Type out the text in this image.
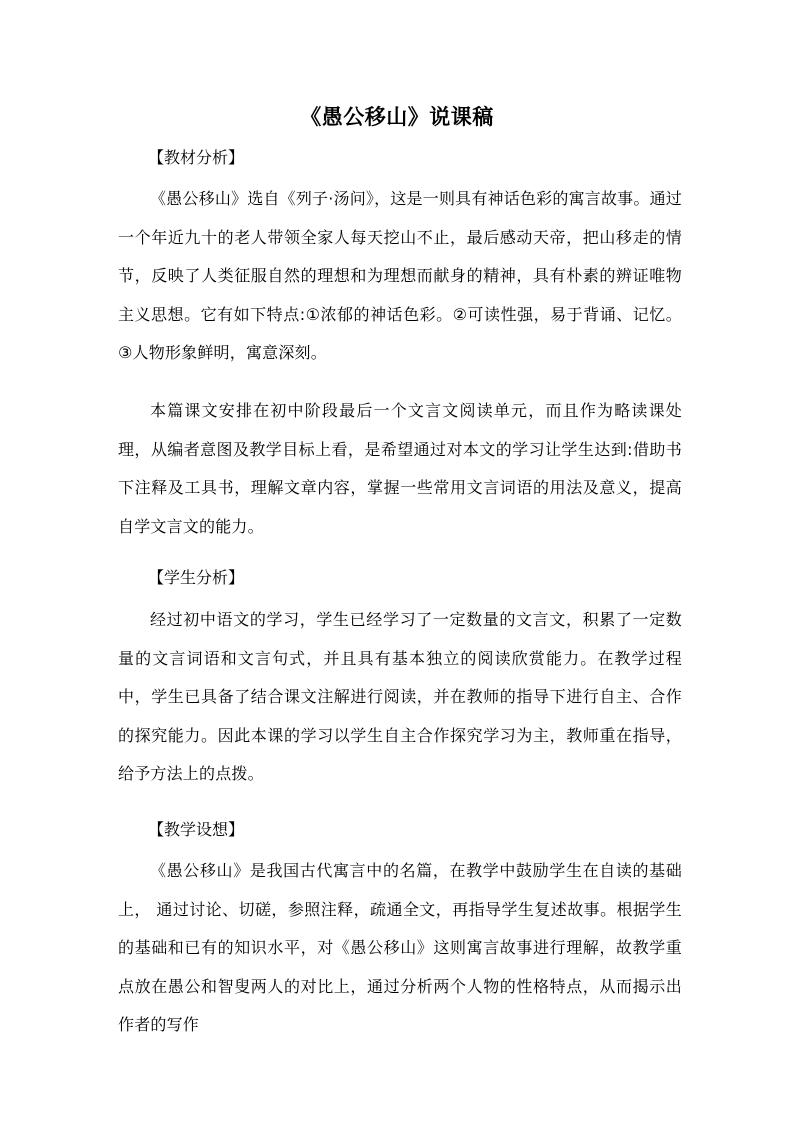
《愚公移山》说课稿
【教材分析】
《愚公移山》选自《列子·汤问》，这是一则具有神话色彩的寓言故事。通过一个年近九十的老人带领全家人每天挖山不止，最后感动天帝，把山移走的情节，反映了人类征服自然的理想和为理想而献身的精神，具有朴素的辨证唯物主义思想。它有如下特点:①浓郁的神话色彩。②可读性强，易于背诵、记忆。③人物形象鲜明，寓意深刻。
本篇课文安排在初中阶段最后一个文言文阅读单元，而且作为略读课处理，从编者意图及教学目标上看，是希望通过对本文的学习让学生达到:借助书下注释及工具书，理解文章内容，掌握一些常用文言词语的用法及意义，提高自学文言文的能力。
【学生分析】
经过初中语文的学习，学生已经学习了一定数量的文言文，积累了一定数量的文言词语和文言句式，并且具有基本独立的阅读欣赏能力。在教学过程中，学生已具备了结合课文注解进行阅读，并在教师的指导下进行自主、合作的探究能力。因此本课的学习以学生自主合作探究学习为主，教师重在指导，给予方法上的点拨。
【教学设想】
《愚公移山》是我国古代寓言中的名篇，在教学中鼓励学生在自读的基础上， 通过讨论、切磋，参照注释，疏通全文，再指导学生复述故事。根据学生的基础和已有的知识水平，对《愚公移山》这则寓言故事进行理解，故教学重点放在愚公和智叟两人的对比上，通过分析两个人物的性格特点，从而揭示出作者的写作
